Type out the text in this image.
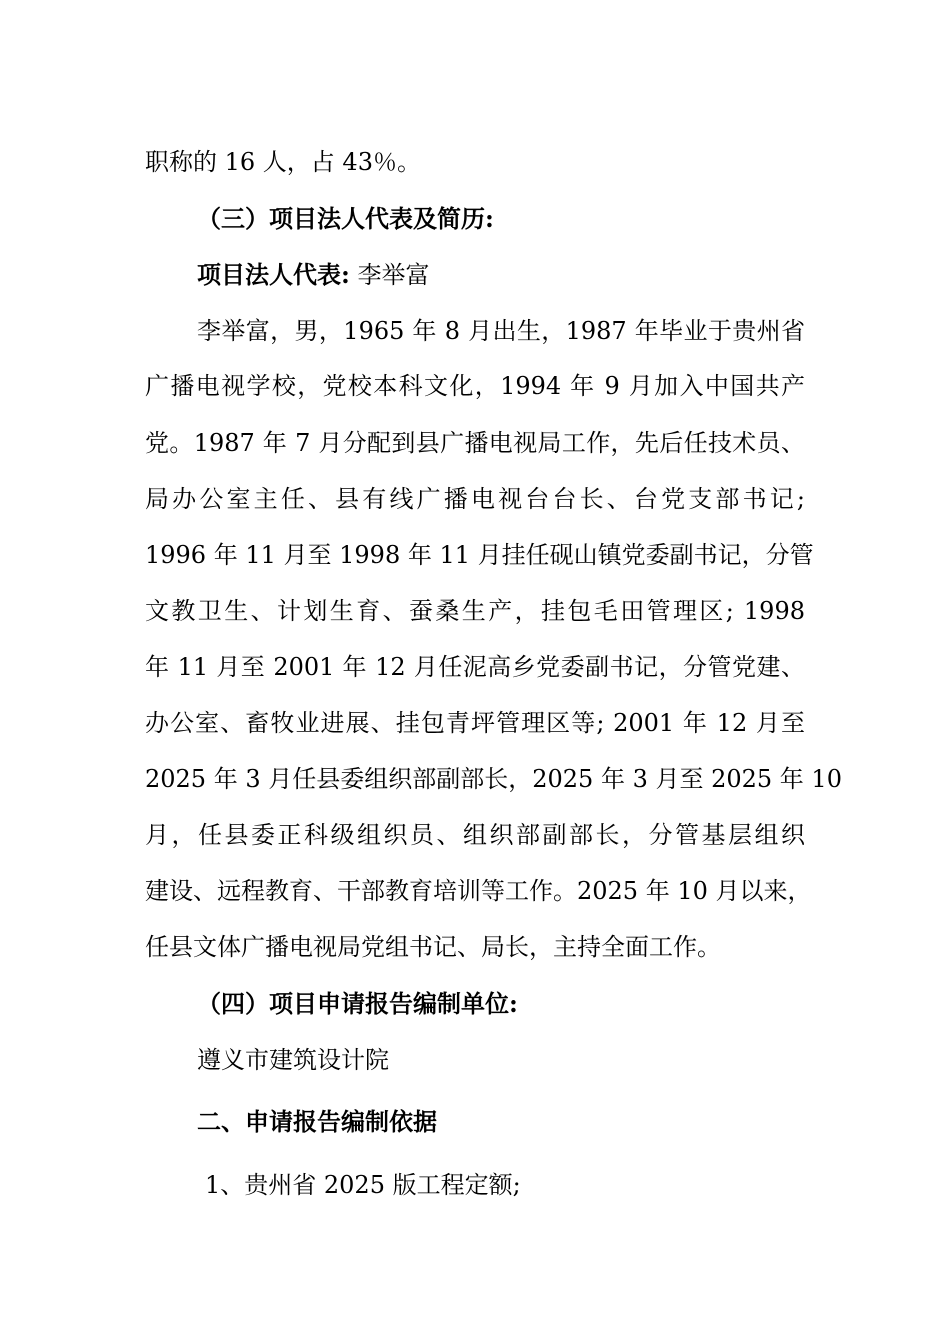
职称的 16 人，占 43％。
（三）项目法人代表及简历:
项目法人代表: 李举富
李举富，男，1965 年 8 月出生，1987 年毕业于贵州省
广播电视学校，党校本科文化，1994 年 9 月加入中国共产
党。1987 年 7 月分配到县广播电视局工作，先后任技术员、
局办公室主任、县有线广播电视台台长、台党支部书记;
1996 年 11 月至 1998 年 11 月挂任砚山镇党委副书记，分管
文教卫生、计划生育、蚕桑生产，挂包毛田管理区; 1998
年 11 月至 2001 年 12 月任泥高乡党委副书记，分管党建、
办公室、畜牧业进展、挂包青坪管理区等; 2001 年 12 月至
2025 年 3 月任县委组织部副部长，2025 年 3 月至 2025 年 10
月，任县委正科级组织员、组织部副部长，分管基层组织
建设、远程教育、干部教育培训等工作。2025 年 10 月以来，
任县文体广播电视局党组书记、局长，主持全面工作。
（四）项目申请报告编制单位:
遵义市建筑设计院
二、申请报告编制依据
1、贵州省 2025 版工程定额;
